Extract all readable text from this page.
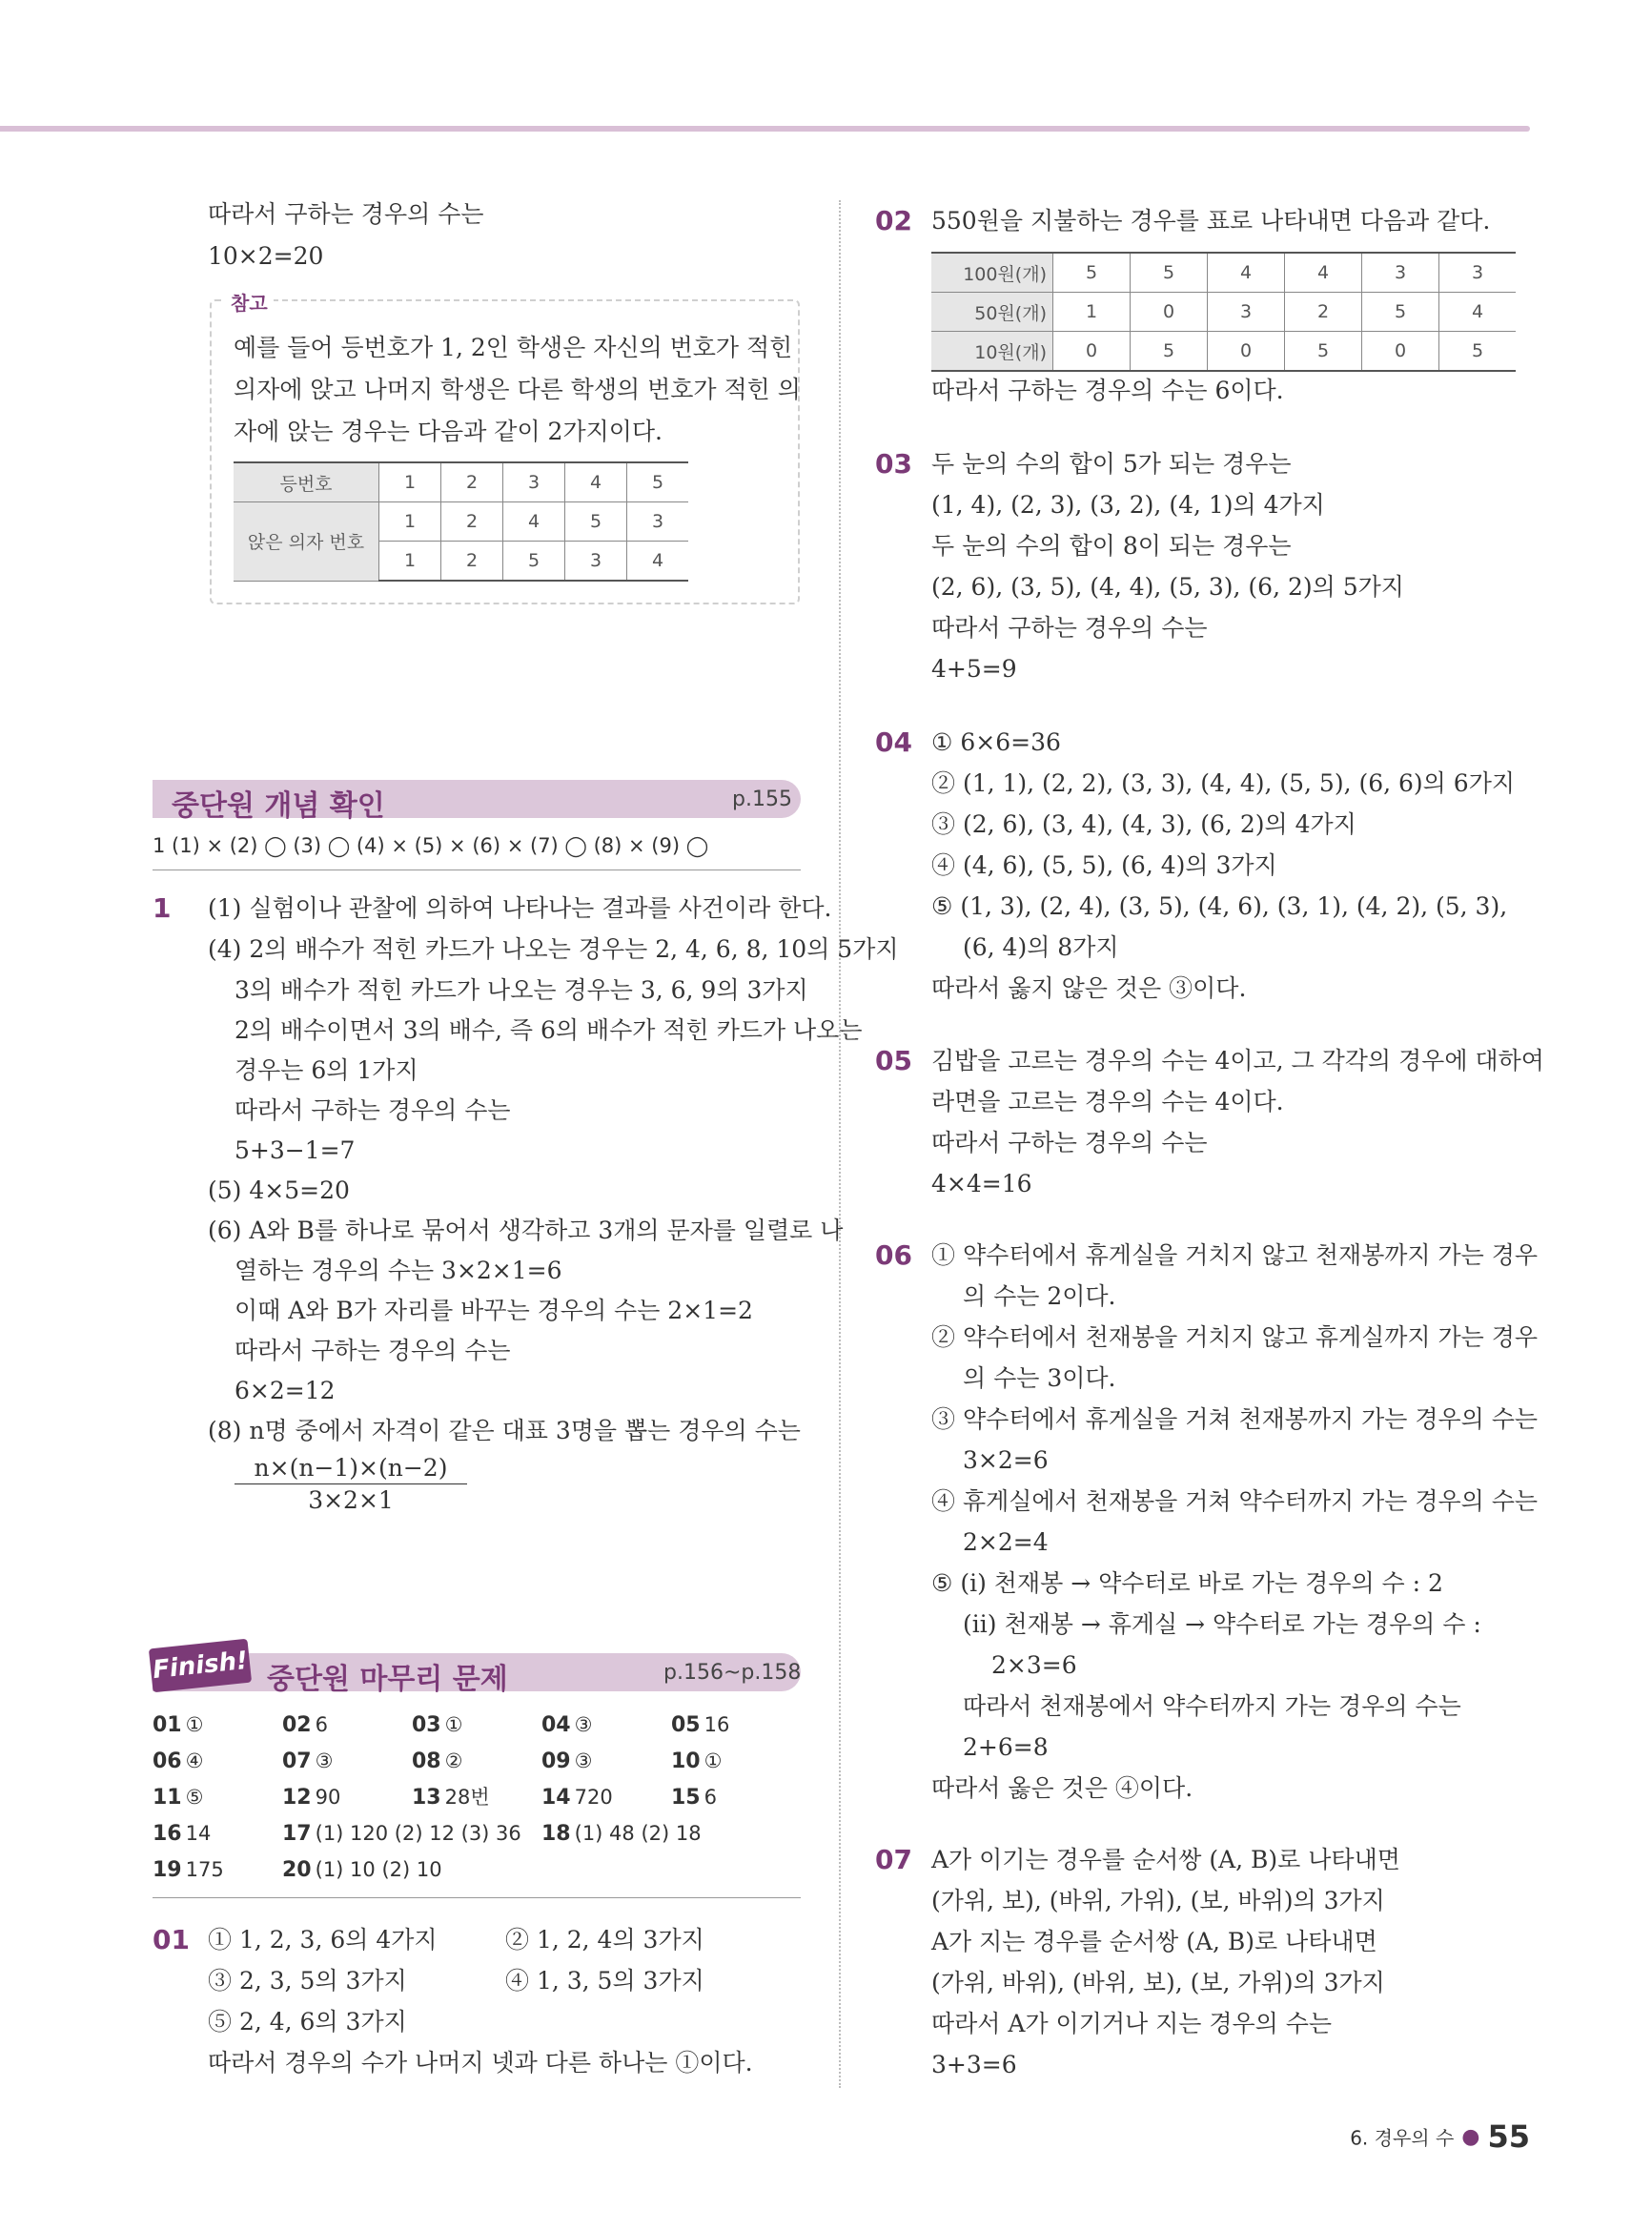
따라서 구하는 경우의 수는
10×2=20
참고
예를 들어 등번호가 1, 2인 학생은 자신의 번호가 적힌
의자에 앉고 나머지 학생은 다른 학생의 번호가 적힌 의
자에 앉는 경우는 다음과 같이 2가지이다.
등번호	1	2	3	4	5
앉은 의자 번호	1	2	4	5	3
	1	2	5	3	4
중단원 개념 확인	p.155
1 (1) × (2) ◯ (3) ◯ (4) × (5) × (6) × (7) ◯ (8) × (9) ◯
1 (1) 실험이나 관찰에 의하여 나타나는 결과를 사건이라 한다.
(4) 2의 배수가 적힌 카드가 나오는 경우는 2, 4, 6, 8, 10의 5가지
3의 배수가 적힌 카드가 나오는 경우는 3, 6, 9의 3가지
2의 배수이면서 3의 배수, 즉 6의 배수가 적힌 카드가 나오는
경우는 6의 1가지
따라서 구하는 경우의 수는
5+3−1=7
(5) 4×5=20
(6) A와 B를 하나로 묶어서 생각하고 3개의 문자를 일렬로 나
열하는 경우의 수는 3×2×1=6
이때 A와 B가 자리를 바꾸는 경우의 수는 2×1=2
따라서 구하는 경우의 수는
6×2=12
(8) n명 중에서 자격이 같은 대표 3명을 뽑는 경우의 수는
n×(n−1)×(n−2)
3×2×1
Finish! 중단원 마무리 문제	p.156~p.158
01 ①	02 6	03 ①	04 ③	05 16
06 ④	07 ③	08 ②	09 ③	10 ①
11 ⑤	12 90	13 28번 14 720	15 6
16 14	17 (1) 120 (2) 12 (3) 36 18 (1) 48 (2) 18
19 175	20 (1) 10 (2) 10
01 ① 1, 2, 3, 6의 4가지	② 1, 2, 4의 3가지
③ 2, 3, 5의 3가지	④ 1, 3, 5의 3가지
⑤ 2, 4, 6의 3가지
따라서 경우의 수가 나머지 넷과 다른 하나는 ①이다.
02 550원을 지불하는 경우를 표로 나타내면 다음과 같다.
100원(개)	5	5	4	4	3	3
50원(개)	1	0	3	2	5	4
10원(개)	0	5	0	5	0	5
따라서 구하는 경우의 수는 6이다.
03 두 눈의 수의 합이 5가 되는 경우는
(1, 4), (2, 3), (3, 2), (4, 1)의 4가지
두 눈의 수의 합이 8이 되는 경우는
(2, 6), (3, 5), (4, 4), (5, 3), (6, 2)의 5가지
따라서 구하는 경우의 수는
4+5=9
04 ① 6×6=36
② (1, 1), (2, 2), (3, 3), (4, 4), (5, 5), (6, 6)의 6가지
③ (2, 6), (3, 4), (4, 3), (6, 2)의 4가지
④ (4, 6), (5, 5), (6, 4)의 3가지
⑤ (1, 3), (2, 4), (3, 5), (4, 6), (3, 1), (4, 2), (5, 3),
(6, 4)의 8가지
따라서 옳지 않은 것은 ③이다.
05 김밥을 고르는 경우의 수는 4이고, 그 각각의 경우에 대하여
라면을 고르는 경우의 수는 4이다.
따라서 구하는 경우의 수는
4×4=16
06 ① 약수터에서 휴게실을 거치지 않고 천재봉까지 가는 경우
의 수는 2이다.
② 약수터에서 천재봉을 거치지 않고 휴게실까지 가는 경우
의 수는 3이다.
③ 약수터에서 휴게실을 거쳐 천재봉까지 가는 경우의 수는
3×2=6
④ 휴게실에서 천재봉을 거쳐 약수터까지 가는 경우의 수는
2×2=4
⑤ (ⅰ) 천재봉 → 약수터로 바로 가는 경우의 수 : 2
(ⅱ) 천재봉 → 휴게실 → 약수터로 가는 경우의 수 :
2×3=6
따라서 천재봉에서 약수터까지 가는 경우의 수는
2+6=8
따라서 옳은 것은 ④이다.
07 A가 이기는 경우를 순서쌍 (A, B)로 나타내면
(가위, 보), (바위, 가위), (보, 바위)의 3가지
A가 지는 경우를 순서쌍 (A, B)로 나타내면
(가위, 바위), (바위, 보), (보, 가위)의 3가지
따라서 A가 이기거나 지는 경우의 수는
3+3=6
6. 경우의 수 ● 55
